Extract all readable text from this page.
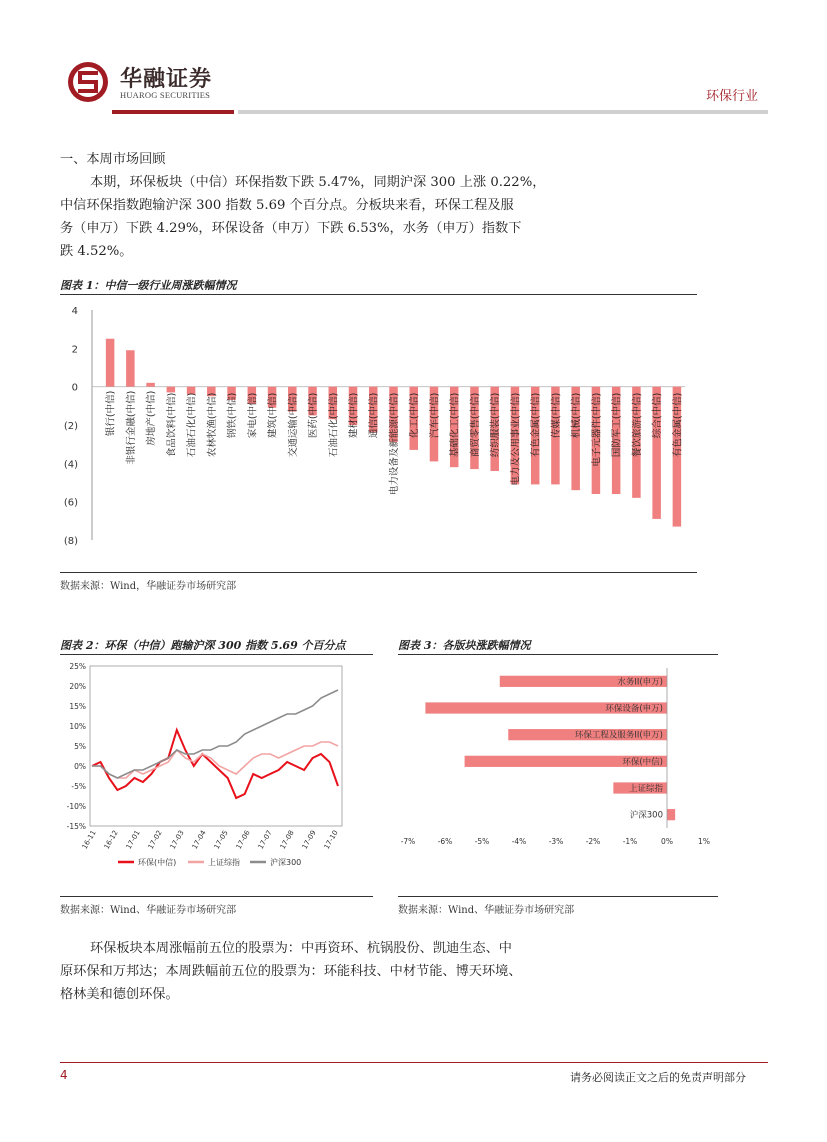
华融证券
HUAROG SECURITIES	环保行业
一、本周市场回顾
本期，环保板块（中信）环保指数下跌 5.47%，同期沪深 300 上涨 0.22%，
中信环保指数跑输沪深 300 指数 5.69 个百分点。分板块来看，环保工程及服
务（申万）下跌 4.29%，环保设备（申万）下跌 6.53%，水务（申万）指数下
跌 4.52%。
图表 1：中信一级行业周涨跌幅情况
4
2
0
(2)
(4)
(6)
(8)
银行(中信) 非银行金融(中信) 房地产(中信) 食品饮料(中信) 石油石化(中信) 农林牧渔(中信) 钢铁(中信) 家电(中信) 建筑(中信) 交通运输(中信) 医药(中信) 石油石化(中信) 建材(中信) 通信(中信) 电力设备及新能源(中信) 化工(中信) 汽车(中信) 基础化工(中信) 商贸零售(中信) 纺织服装(中信) 电力及公用事业(中信) 有色金属(中信) 传媒(中信) 机械(中信) 电子元器件(中信) 国防军工(中信) 餐饮旅游(中信) 综合(中信) 有色金属(中信)
数据来源：Wind，华融证券市场研究部
图表 2：环保（中信）跑输沪深 300 指数 5.69 个百分点
25%
20%
15%
10%
5%
0%
-5%
-10%
-15%
16-11 16-12 17-01 17-02 17-03 17-04 17-05 17-06 17-07 17-08 17-09 17-10
环保(中信)	上证综指	沪深300
数据来源：Wind、华融证券市场研究部
图表 3：各版块涨跌幅情况
水务II(申万)
环保设备(申万)
环保工程及服务II(申万)
环保(中信)
上证综指
沪深300
-7%	-6%	-5%	-4%	-3%	-2%	-1%	0%	1%
数据来源：Wind、华融证券市场研究部
环保板块本周涨幅前五位的股票为：中再资环、杭锅股份、凯迪生态、中
原环保和万邦达；本周跌幅前五位的股票为：环能科技、中材节能、博天环境、
格林美和德创环保。
4	请务必阅读正文之后的免责声明部分
